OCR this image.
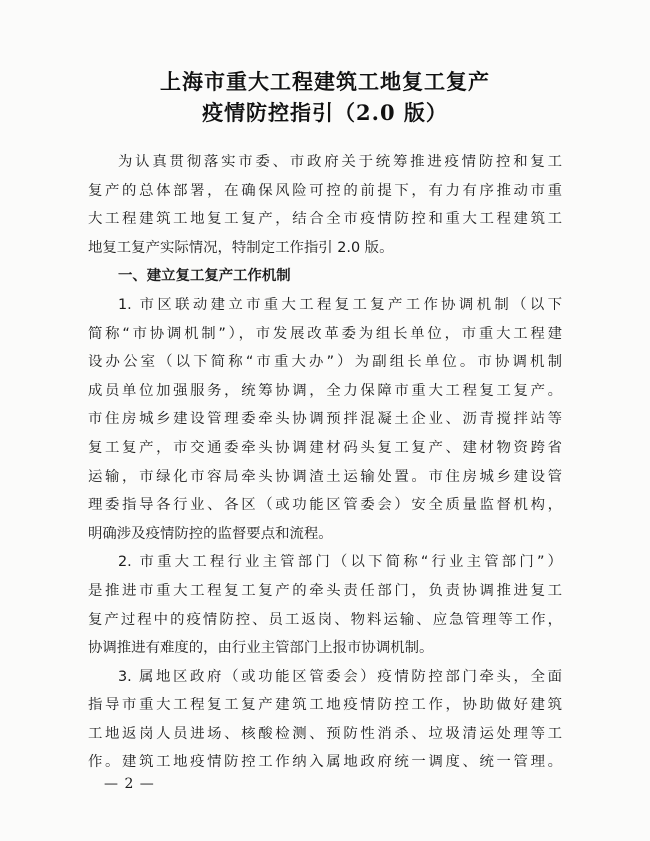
上海市重大工程建筑工地复工复产
疫情防控指引（2.0 版）
为认真贯彻落实市委、市政府关于统筹推进疫情防控和复工
复产的总体部署，在确保风险可控的前提下，有力有序推动市重
大工程建筑工地复工复产，结合全市疫情防控和重大工程建筑工
地复工复产实际情况，特制定工作指引 2.0 版。
一、建立复工复产工作机制
1. 市区联动建立市重大工程复工复产工作协调机制（以下
简称“市协调机制”），市发展改革委为组长单位，市重大工程建
设办公室（以下简称“市重大办”）为副组长单位。市协调机制
成员单位加强服务，统筹协调，全力保障市重大工程复工复产。
市住房城乡建设管理委牵头协调预拌混凝土企业、沥青搅拌站等
复工复产，市交通委牵头协调建材码头复工复产、建材物资跨省
运输，市绿化市容局牵头协调渣土运输处置。市住房城乡建设管
理委指导各行业、各区（或功能区管委会）安全质量监督机构，
明确涉及疫情防控的监督要点和流程。
2. 市重大工程行业主管部门（以下简称“行业主管部门”）
是推进市重大工程复工复产的牵头责任部门，负责协调推进复工
复产过程中的疫情防控、员工返岗、物料运输、应急管理等工作，
协调推进有难度的，由行业主管部门上报市协调机制。
3. 属地区政府（或功能区管委会）疫情防控部门牵头，全面
指导市重大工程复工复产建筑工地疫情防控工作，协助做好建筑
工地返岗人员进场、核酸检测、预防性消杀、垃圾清运处理等工
作。建筑工地疫情防控工作纳入属地政府统一调度、统一管理。
— 2 —
